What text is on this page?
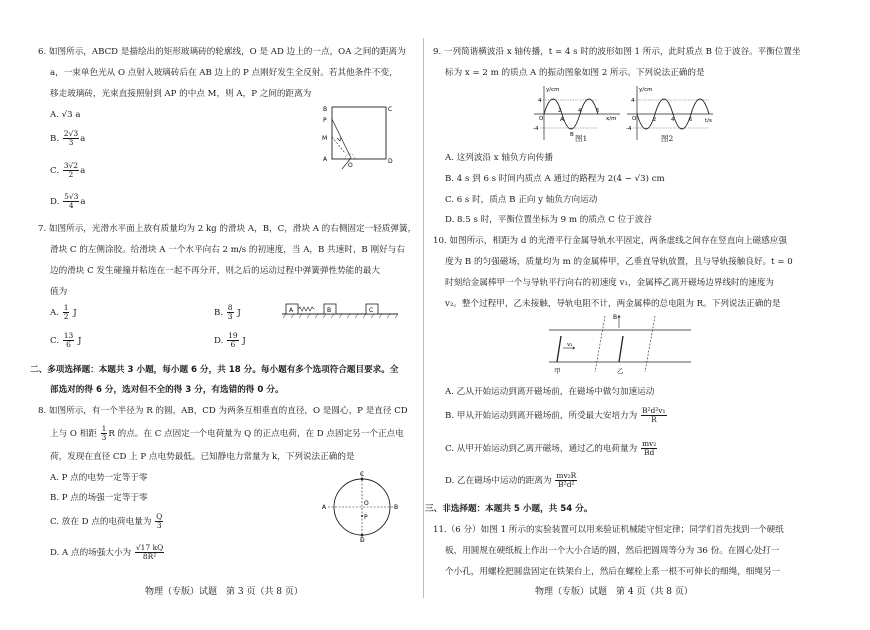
6. 如图所示，ABCD 是描绘出的矩形玻璃砖的轮廓线，O 是 AD 边上的一点，OA 之间的距离为
a，一束单色光从 O 点射入玻璃砖后在 AB 边上的 P 点刚好发生全反射。若其他条件不变，
移走玻璃砖，光束直接照射到 AP 的中点 M，则 A，P 之间的距离为
A. √3 a
B. $\frac{2√3}{3}$ a
C. $\frac{3√2}{2}$ a
D. $\frac{5√3}{4}$ a
B	C
P
M
A
O
D
7. 如图所示，光滑水平面上放有质量均为 2 kg 的滑块 A，B，C，滑块 A 的右侧固定一轻质弹簧，
滑块 C 的左侧涂胶。给滑块 A 一个水平向右 2 m/s 的初速度，当 A，B 共速时，B 刚好与右
边的滑块 C 发生碰撞并粘连在一起不再分开，则之后的运动过程中弹簧弹性势能的最大
值为
A. $\frac{1}{2}$ J	B. $\frac{8}{3}$ J
C. $\frac{13}{6}$ J	D. $\frac{19}{6}$ J
A	B	C
二、多项选择题：本题共 3 小题，每小题 6 分，共 18 分。每小题有多个选项符合题目要求。全
部选对的得 6 分，选对但不全的得 3 分，有选错的得 0 分。
8. 如图所示，有一个半径为 R 的圆，AB，CD 为两条互相垂直的直径，O 是圆心，P 是直径 CD
上与 O 相距 $\frac{1}{3}$ R 的点。在 C 点固定一个电荷量为 Q 的正点电荷，在 D 点固定另一个正点电
荷，发现在直径 CD 上 P 点电势最低。已知静电力常量为 k，下列说法正确的是
A. P 点的电势一定等于零
B. P 点的场强一定等于零
C. 放在 D 点的电荷电量为 $\frac{Q}{3}$
D. A 点的场强大小为 $\frac{√17 kQ}{\text{8R²}}$
C
A
O
B
P
D
物理（专版）试题　第 3 页（共 8 页）
9. 一列简谐横波沿 x 轴传播，t = 4 s 时的波形如图 1 所示，此时质点 B 位于波谷。平衡位置坐
标为 x = 2 m 的质点 A 的振动图象如图 2 所示。下列说法正确的是
y/cm
x/m
4
-4
O	A
B
2	4	6
图1
y/cm
t/s
4
-4
O	2	4	6
图2
A. 这列波沿 x 轴负方向传播
B. 4 s 到 6 s 时间内质点 A 通过的路程为 2(4 − √3) cm
C. 6 s 时，质点 B 正向 y 轴负方向运动
D. 8.5 s 时，平衡位置坐标为 9 m 的质点 C 位于波谷
10. 如图所示，相距为 d 的光滑平行金属导轨水平固定，两条虚线之间存在竖直向上磁感应强
度为 B 的匀强磁场，质量均为 m 的金属棒甲，乙垂直导轨放置，且与导轨接触良好。t = 0
时刻给金属棒甲一个与导轨平行向右的初速度 v₁，金属棒乙离开磁场边界线时的速度为
v₂。整个过程甲，乙未接触，导轨电阻不计，两金属棒的总电阻为 R。下列说法正确的是
B
v₁
甲	乙
A. 乙从开始运动到离开磁场前，在磁场中做匀加速运动
B. 甲从开始运动到离开磁场前，所受最大安培力为 $\frac{\text{B²d²v₁}}{R}$
C. 从甲开始运动到乙离开磁场，通过乙的电荷量为 $\frac{\text{mv₂}}{Bd}$
D. 乙在磁场中运动的距离为 $\frac{\text{mv₂R}}{\text{B²d²}}$
三、非选择题：本题共 5 小题，共 54 分。
11.（6 分）如图 1 所示的实验装置可以用来验证机械能守恒定律；同学们首先找到一个硬纸
板，用圆规在硬纸板上作出一个大小合适的圆，然后把圆周等分为 36 份。在圆心处打一
个小孔，用螺栓把圆盘固定在铁架台上，然后在螺栓上系一根不可伸长的细绳，细绳另一
物理（专版）试题　第 4 页（共 8 页）
